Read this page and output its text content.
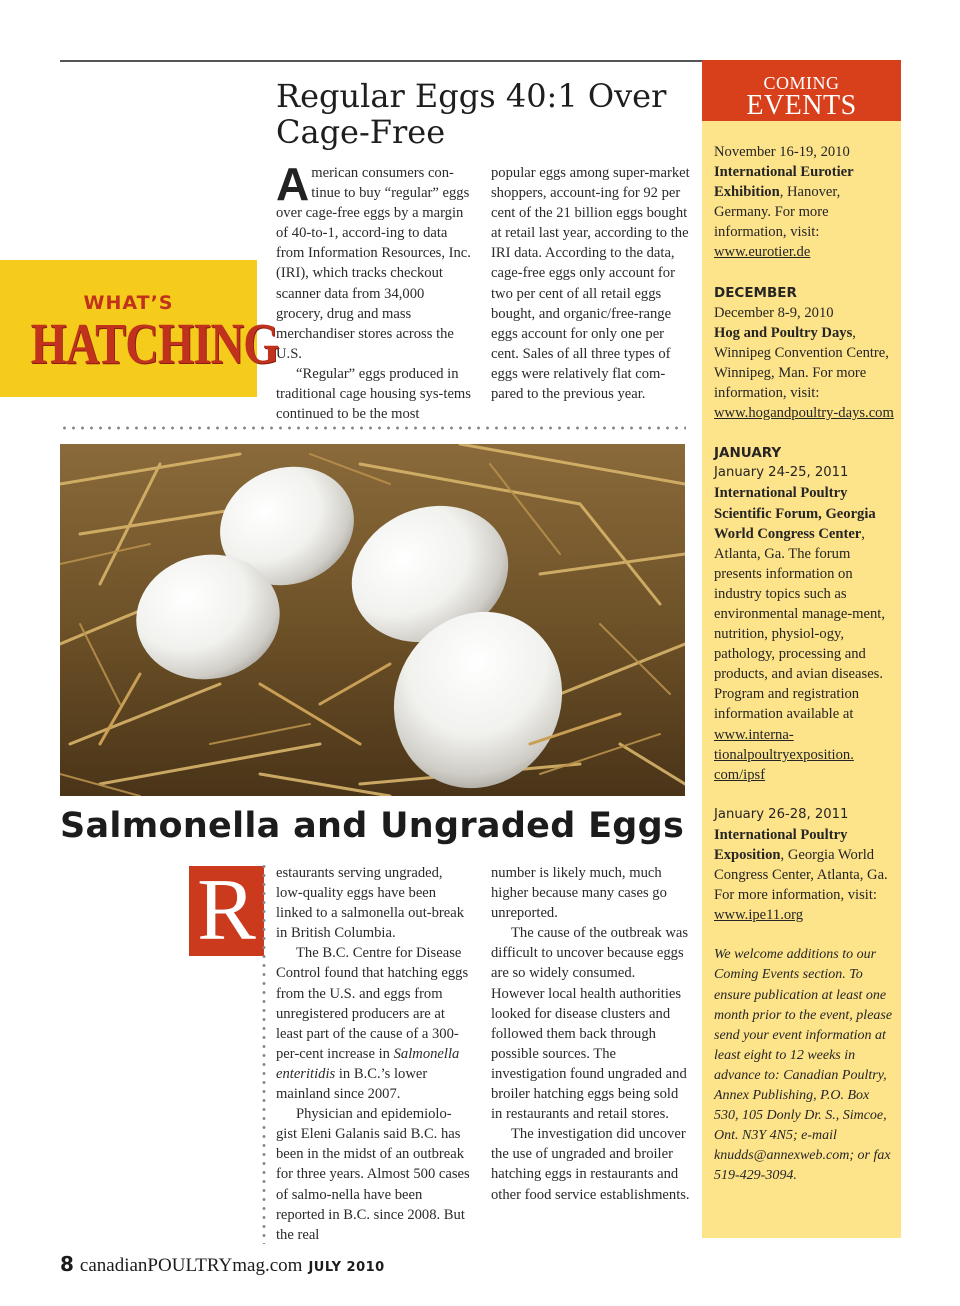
Regular Eggs 40:1 Over
Cage-Free

American consumers con- tinue to buy “regular” eggs over cage-free eggs by a margin of 40-to-1, accord-ing to data from Information Resources, Inc. (IRI), which tracks checkout scanner data from 34,000 grocery, drug and mass merchandiser stores across the U.S.

“Regular” eggs produced in traditional cage housing sys-tems continued to be the most

popular eggs among super-market shoppers, account-ing for 92 per cent of the 21 billion eggs bought at retail last year, according to the IRI data. According to the data, cage-free eggs only account for two per cent of all retail eggs bought, and organic/free-range eggs account for only one per cent. Sales of all three types of eggs were relatively flat com-pared to the previous year.

WHAT’S
HATCHING
Salmonella and Ungraded Eggs
R	estaurants serving ungraded, low-quality eggs have been linked to a salmonella out-break in British Columbia.

The B.C. Centre for Disease Control found that hatching eggs from the U.S. and eggs from unregistered producers are at least part of the cause of a 300-per-cent increase in Salmonella enteritidis in B.C.’s lower mainland since 2007.

Physician and epidemiolo-gist Eleni Galanis said B.C. has been in the midst of an outbreak for three years. Almost 500 cases of salmo-nella have been reported in B.C. since 2008. But the real

number is likely much, much higher because many cases go unreported.

The cause of the outbreak was difficult to uncover because eggs are so widely consumed. However local health authorities looked for disease clusters and followed them back through possible sources. The investigation found ungraded and broiler hatching eggs being sold in restaurants and retail stores.

The investigation did uncover the use of ungraded and broiler hatching eggs in restaurants and other food service establishments.

COMING
EVENTS
November 16-19, 2010
International Eurotier Exhibition, Hanover, Germany. For more information, visit: www.eurotier.de
DECEMBER
December 8-9, 2010
Hog and Poultry Days, Winnipeg Convention Centre, Winnipeg, Man. For more information, visit: www.hogandpoultry-days.com
JANUARY
January 24-25, 2011
International Poultry Scientific Forum, Georgia World Congress Center, Atlanta, Ga. The forum presents information on industry topics such as environmental manage-ment, nutrition, physiol-ogy, pathology, processing and products, and avian diseases. Program and registration information available at www.interna-tionalpoultryexposition. com/ipsf
January 26-28, 2011
International Poultry Exposition, Georgia World Congress Center, Atlanta, Ga. For more information, visit: www.ipe11.org
We welcome additions to our Coming Events section. To ensure publication at least one month prior to the event, please send your event information at least eight to 12 weeks in advance to: Canadian Poultry, Annex Publishing, P.O. Box 530, 105 Donly Dr. S., Simcoe, Ont. N3Y 4N5; e-mail knudds@annexweb.com; or fax 519-429-3094.
8 canadianPOULTRYmag.com JULY 2010
